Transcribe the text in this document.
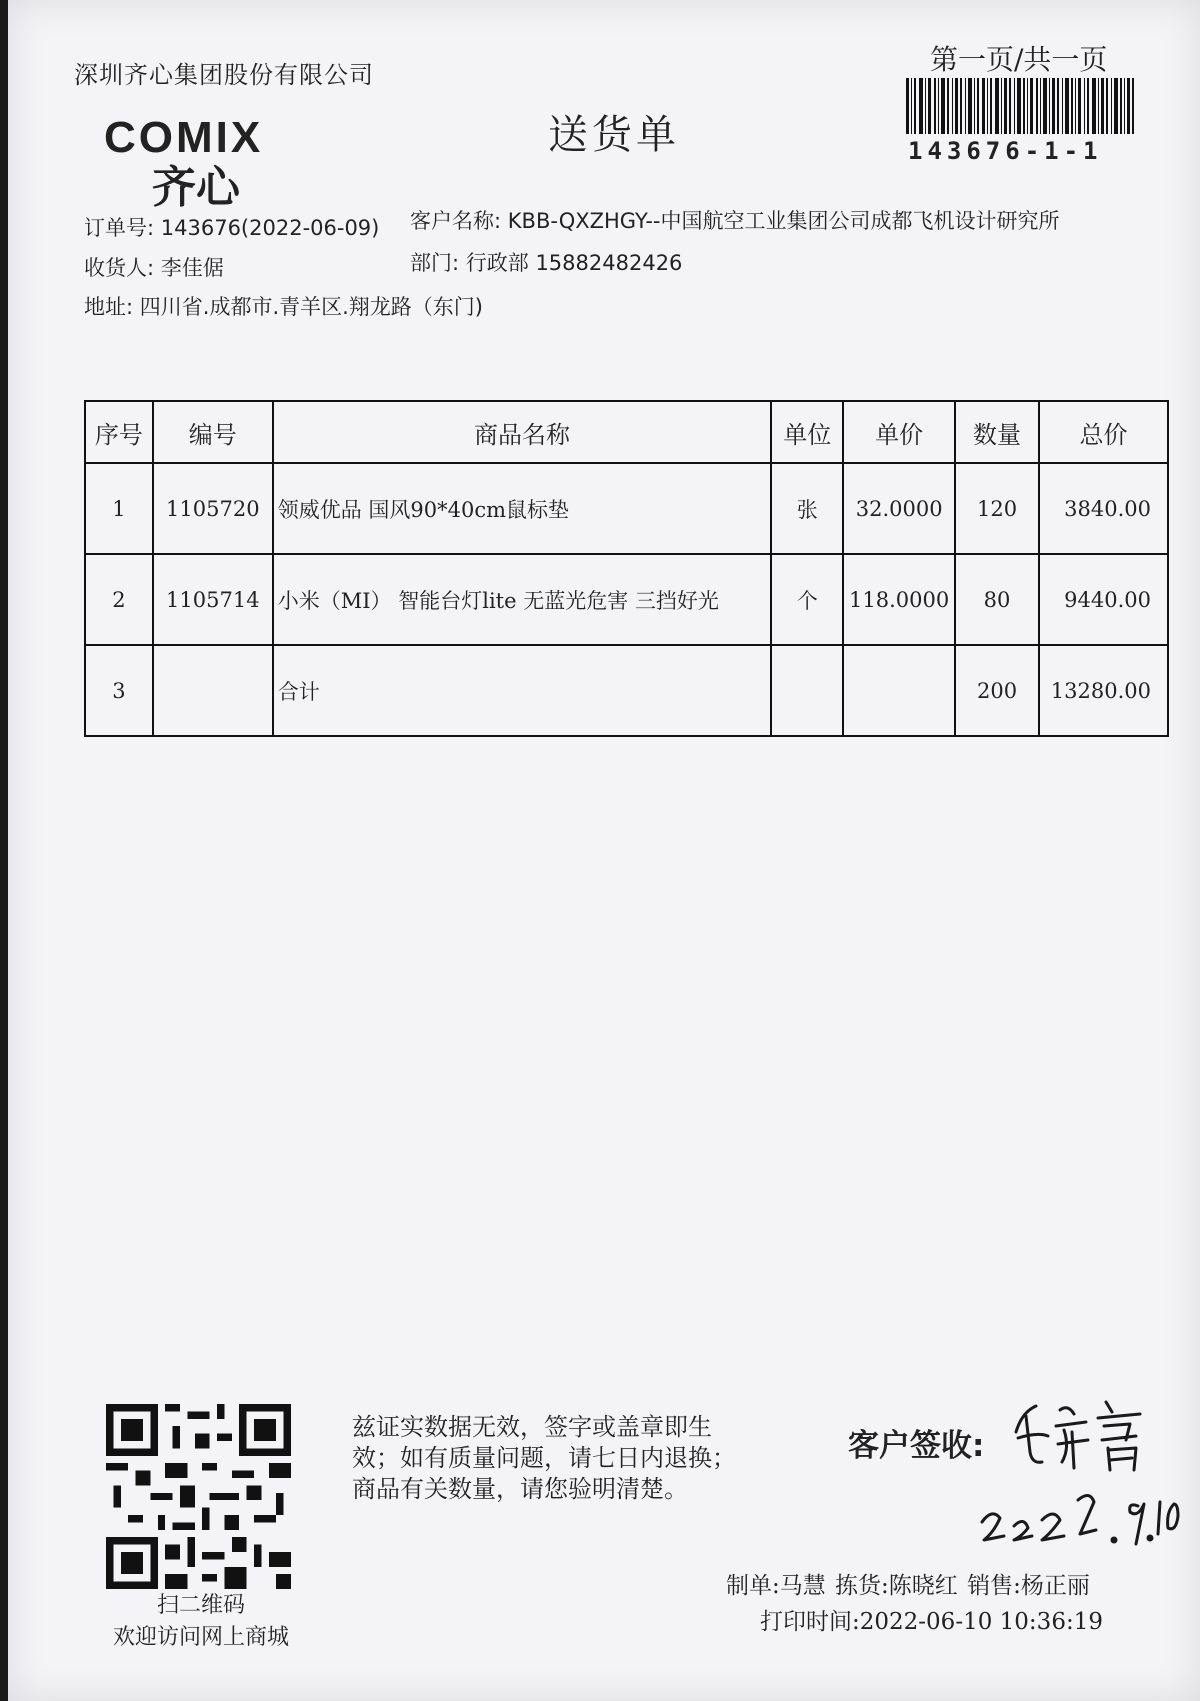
深圳齐心集团股份有限公司
COMIX
齐心
送货单
第一页/共一页
143676-1-1
订单号: 143676(2022-06-09) 客户名称: KBB-QXZHGY--中国航空工业集团公司成都飞机设计研究所
收货人: 李佳倨	部门: 行政部 15882482426
地址: 四川省.成都市.青羊区.翔龙路（东门)
序号	编号	商品名称	单位	单价	数量	总价
1	1105720	领威优品 国风90*40cm鼠标垫	张	32.0000	120	3840.00
2	1105714	小米（MI） 智能台灯lite 无蓝光危害 三挡好光	个	118.0000	80	9440.00
3		合计			200	13280.00
扫二维码
欢迎访问网上商城
兹证实数据无效，签字或盖章即生
效；如有质量问题，请七日内退换；
商品有关数量，请您验明清楚。
客户签收:
制单:马慧 拣货:陈晓红 销售:杨正丽
打印时间:2022-06-10 10:36:19
